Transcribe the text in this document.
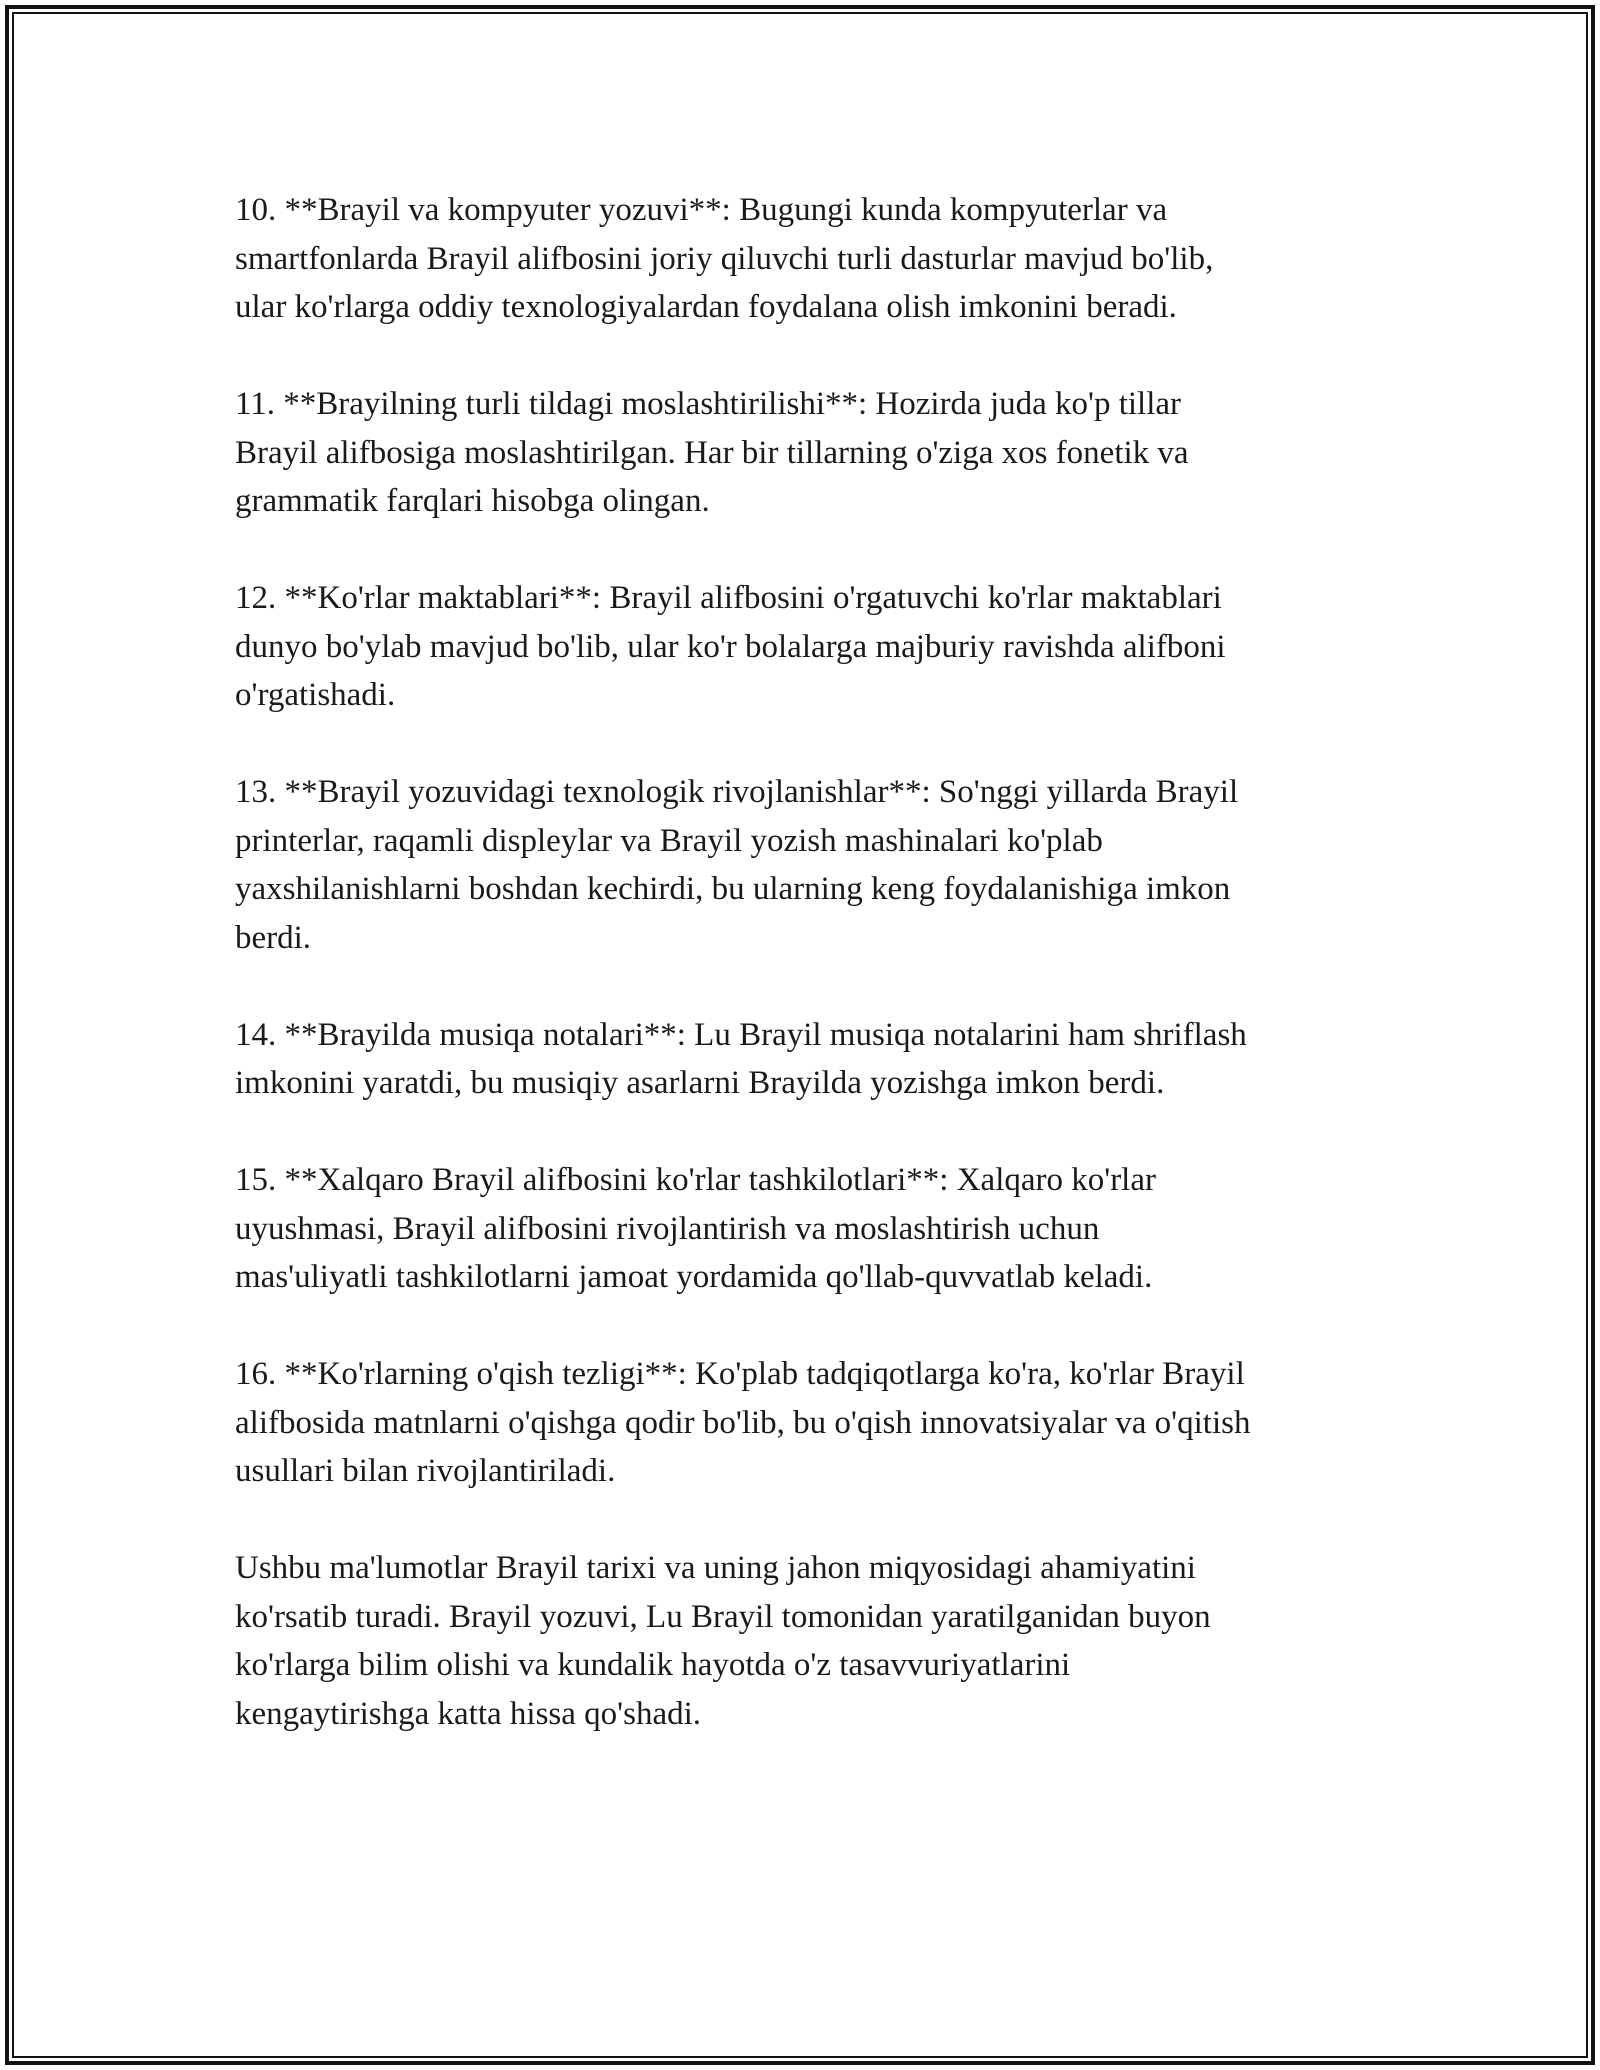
10. **Brayil va kompyuter yozuvi**: Bugungi kunda kompyuterlar va
smartfonlarda Brayil alifbosini joriy qiluvchi turli dasturlar mavjud bo'lib,
ular ko'rlarga oddiy texnologiyalardan foydalana olish imkonini beradi.

11. **Brayilning turli tildagi moslashtirilishi**: Hozirda juda ko'p tillar
Brayil alifbosiga moslashtirilgan. Har bir tillarning o'ziga xos fonetik va
grammatik farqlari hisobga olingan.

12. **Ko'rlar maktablari**: Brayil alifbosini o'rgatuvchi ko'rlar maktablari
dunyo bo'ylab mavjud bo'lib, ular ko'r bolalarga majburiy ravishda alifboni
o'rgatishadi.

13. **Brayil yozuvidagi texnologik rivojlanishlar**: So'nggi yillarda Brayil
printerlar, raqamli displeylar va Brayil yozish mashinalari ko'plab
yaxshilanishlarni boshdan kechirdi, bu ularning keng foydalanishiga imkon
berdi.

14. **Brayilda musiqa notalari**: Lu Brayil musiqa notalarini ham shriflash
imkonini yaratdi, bu musiqiy asarlarni Brayilda yozishga imkon berdi.

15. **Xalqaro Brayil alifbosini ko'rlar tashkilotlari**: Xalqaro ko'rlar
uyushmasi, Brayil alifbosini rivojlantirish va moslashtirish uchun
mas'uliyatli tashkilotlarni jamoat yordamida qo'llab-quvvatlab keladi.

16. **Ko'rlarning o'qish tezligi**: Ko'plab tadqiqotlarga ko'ra, ko'rlar Brayil
alifbosida matnlarni o'qishga qodir bo'lib, bu o'qish innovatsiyalar va o'qitish
usullari bilan rivojlantiriladi.

Ushbu ma'lumotlar Brayil tarixi va uning jahon miqyosidagi ahamiyatini
ko'rsatib turadi. Brayil yozuvi, Lu Brayil tomonidan yaratilganidan buyon
ko'rlarga bilim olishi va kundalik hayotda o'z tasavvuriyatlarini
kengaytirishga katta hissa qo'shadi.
